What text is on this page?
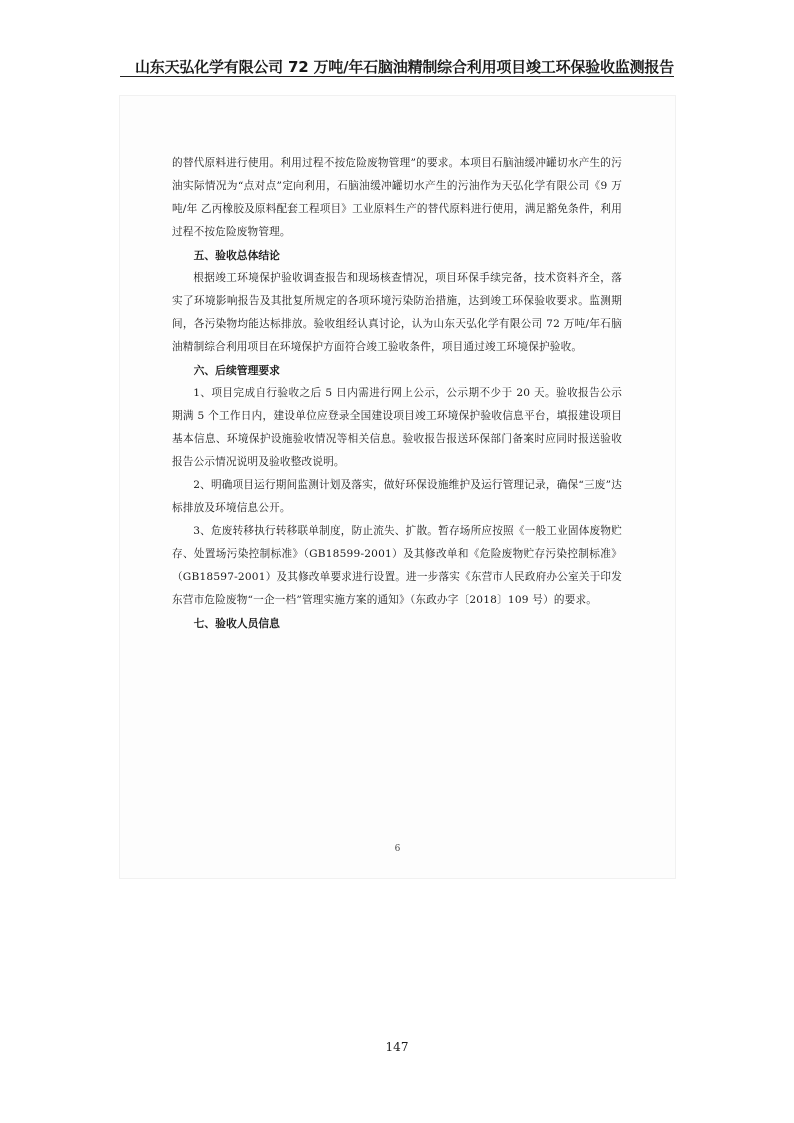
山东天弘化学有限公司 72 万吨/年石脑油精制综合利用项目竣工环保验收监测报告

的替代原料进行使用。利用过程不按危险废物管理”的要求。本项目石脑油缓冲罐切水产生的污油实际情况为“点对点”定向利用，石脑油缓冲罐切水产生的污油作为天弘化学有限公司《9 万吨/年 乙丙橡胶及原料配套工程项目》工业原料生产的替代原料进行使用，满足豁免条件，利用过程不按危险废物管理。

五、验收总体结论

根据竣工环境保护验收调查报告和现场核查情况，项目环保手续完备，技术资料齐全，落实了环境影响报告及其批复所规定的各项环境污染防治措施，达到竣工环保验收要求。监测期间，各污染物均能达标排放。验收组经认真讨论，认为山东天弘化学有限公司 72 万吨/年石脑油精制综合利用项目在环境保护方面符合竣工验收条件，项目通过竣工环境保护验收。

六、后续管理要求

1、项目完成自行验收之后 5 日内需进行网上公示，公示期不少于 20 天。验收报告公示期满 5 个工作日内，建设单位应登录全国建设项目竣工环境保护验收信息平台，填报建设项目基本信息、环境保护设施验收情况等相关信息。验收报告报送环保部门备案时应同时报送验收报告公示情况说明及验收整改说明。

2、明确项目运行期间监测计划及落实，做好环保设施维护及运行管理记录，确保“三废”达标排放及环境信息公开。

3、危废转移执行转移联单制度，防止流失、扩散。暂存场所应按照《一般工业固体废物贮存、处置场污染控制标准》（GB18599-2001）及其修改单和《危险废物贮存污染控制标准》（GB18597-2001）及其修改单要求进行设置。进一步落实《东营市人民政府办公室关于印发东营市危险废物“一企一档”管理实施方案的通知》（东政办字〔2018〕109 号）的要求。

七、验收人员信息

6
147
